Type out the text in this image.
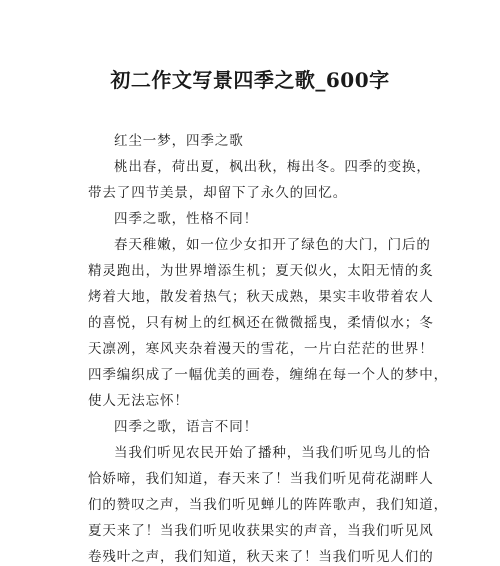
初二作文写景四季之歌_600字
红尘一梦，四季之歌
桃出春，荷出夏，枫出秋，梅出冬。四季的变换，
带去了四节美景，却留下了永久的回忆。
四季之歌，性格不同！
春天稚嫩，如一位少女扣开了绿色的大门，门后的
精灵跑出，为世界增添生机；夏天似火，太阳无情的炙
烤着大地，散发着热气；秋天成熟，果实丰收带着农人
的喜悦，只有树上的红枫还在微微摇曳，柔情似水；冬
天凛冽，寒风夹杂着漫天的雪花，一片白茫茫的世界！
四季编织成了一幅优美的画卷，缠绵在每一个人的梦中，
使人无法忘怀！
四季之歌，语言不同！
当我们听见农民开始了播种，当我们听见鸟儿的恰
恰娇啼，我们知道，春天来了！当我们听见荷花湖畔人
们的赞叹之声，当我们听见蝉儿的阵阵歌声，我们知道，
夏天来了！当我们听见收获果实的声音，当我们听见风
卷残叶之声，我们知道，秋天来了！当我们听见人们的
